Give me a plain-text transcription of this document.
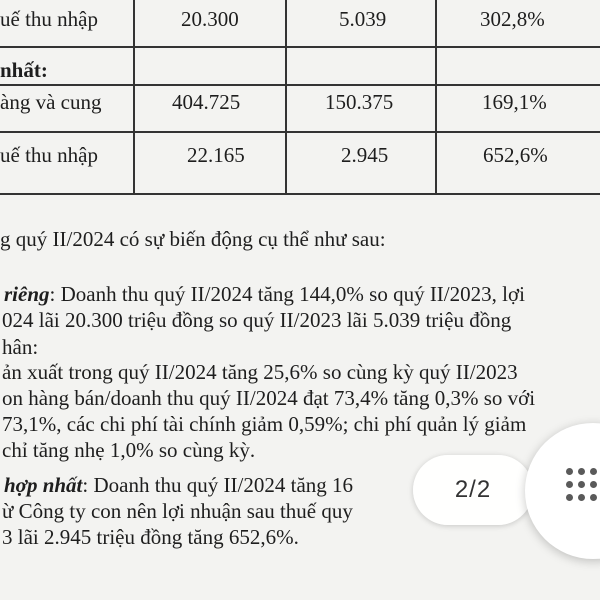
uế thu nhập	20.300	5.039	302,8%
nhất:
àng và cung	404.725	150.375	169,1%
uế thu nhập	22.165	2.945	652,6%
g quý II/2024 có sự biến động cụ thể như sau:
riêng: Doanh thu quý II/2024 tăng 144,0% so quý II/2023, lợi
024 lãi 20.300 triệu đồng so quý II/2023 lãi 5.039 triệu đồng
hân:
ản xuất trong quý II/2024 tăng 25,6% so cùng kỳ quý II/2023
on hàng bán/doanh thu quý II/2024 đạt 73,4% tăng 0,3% so với
73,1%, các chi phí tài chính giảm 0,59%; chi phí quản lý giảm
chỉ tăng nhẹ 1,0% so cùng kỳ.
hợp nhất: Doanh thu quý II/2024 tăng 16
ừ Công ty con nên lợi nhuận sau thuế quy
3 lãi 2.945 triệu đồng tăng 652,6%.
2/2
